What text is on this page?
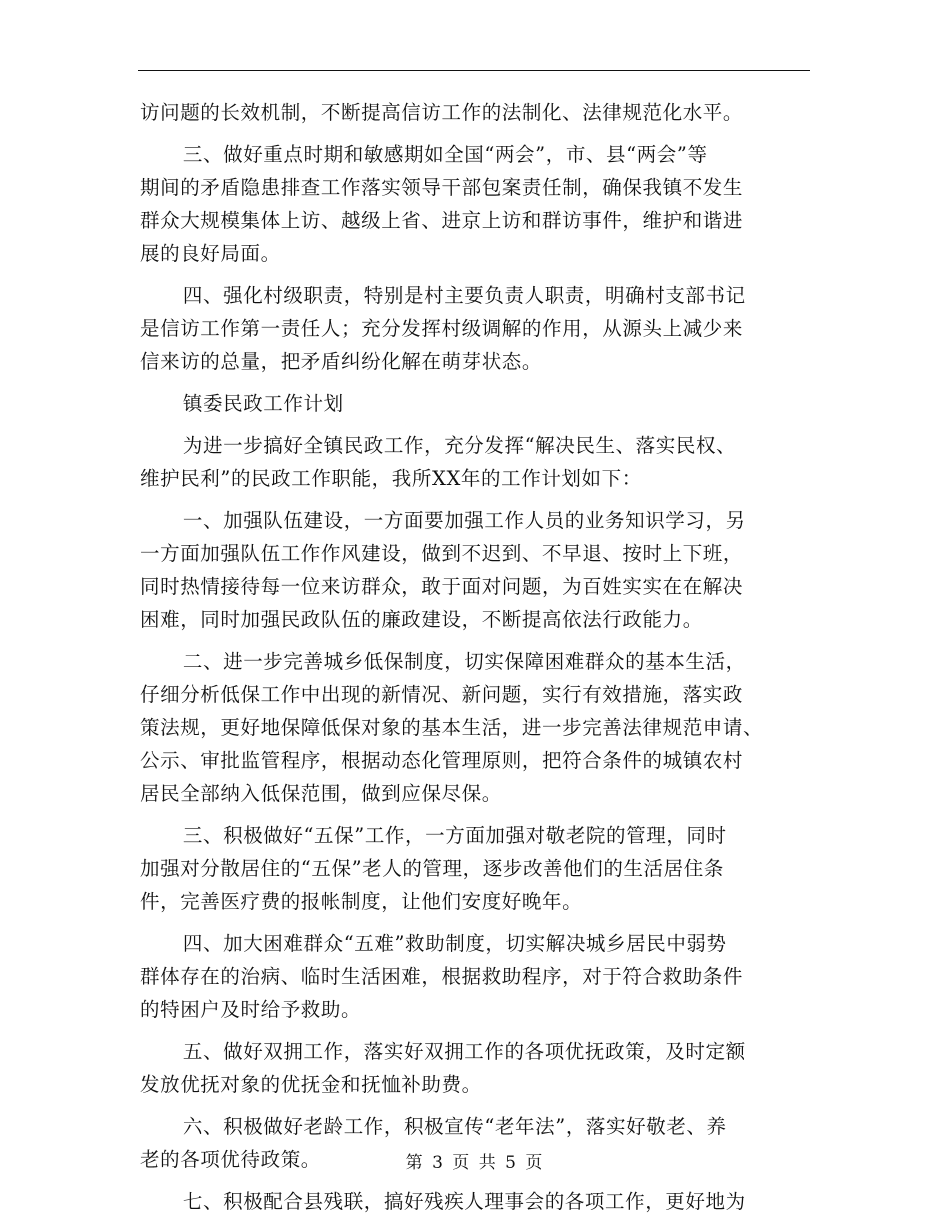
访问题的长效机制，不断提高信访工作的法制化、法律规范化水平。

三、做好重点时期和敏感期如全国“两会”，市、县“两会”等
期间的矛盾隐患排查工作落实领导干部包案责任制，确保我镇不发生
群众大规模集体上访、越级上省、进京上访和群访事件，维护和谐进
展的良好局面。

四、强化村级职责，特别是村主要负责人职责，明确村支部书记
是信访工作第一责任人；充分发挥村级调解的作用，从源头上减少来
信来访的总量，把矛盾纠纷化解在萌芽状态。

镇委民政工作计划

为进一步搞好全镇民政工作，充分发挥“解决民生、落实民权、
维护民利”的民政工作职能，我所XX年的工作计划如下：

一、加强队伍建设，一方面要加强工作人员的业务知识学习，另
一方面加强队伍工作作风建设，做到不迟到、不早退、按时上下班，
同时热情接待每一位来访群众，敢于面对问题，为百姓实实在在解决
困难，同时加强民政队伍的廉政建设，不断提高依法行政能力。

二、进一步完善城乡低保制度，切实保障困难群众的基本生活，
仔细分析低保工作中出现的新情况、新问题，实行有效措施，落实政
策法规，更好地保障低保对象的基本生活，进一步完善法律规范申请、
公示、审批监管程序，根据动态化管理原则，把符合条件的城镇农村
居民全部纳入低保范围，做到应保尽保。

三、积极做好“五保”工作，一方面加强对敬老院的管理，同时
加强对分散居住的“五保”老人的管理，逐步改善他们的生活居住条
件，完善医疗费的报帐制度，让他们安度好晚年。

四、加大困难群众“五难”救助制度，切实解决城乡居民中弱势
群体存在的治病、临时生活困难，根据救助程序，对于符合救助条件
的特困户及时给予救助。

五、做好双拥工作，落实好双拥工作的各项优抚政策，及时定额
发放优抚对象的优抚金和抚恤补助费。

六、积极做好老龄工作，积极宣传“老年法”，落实好敬老、养
老的各项优待政策。

七、积极配合县残联，搞好残疾人理事会的各项工作，更好地为

第 3 页 共 5 页
